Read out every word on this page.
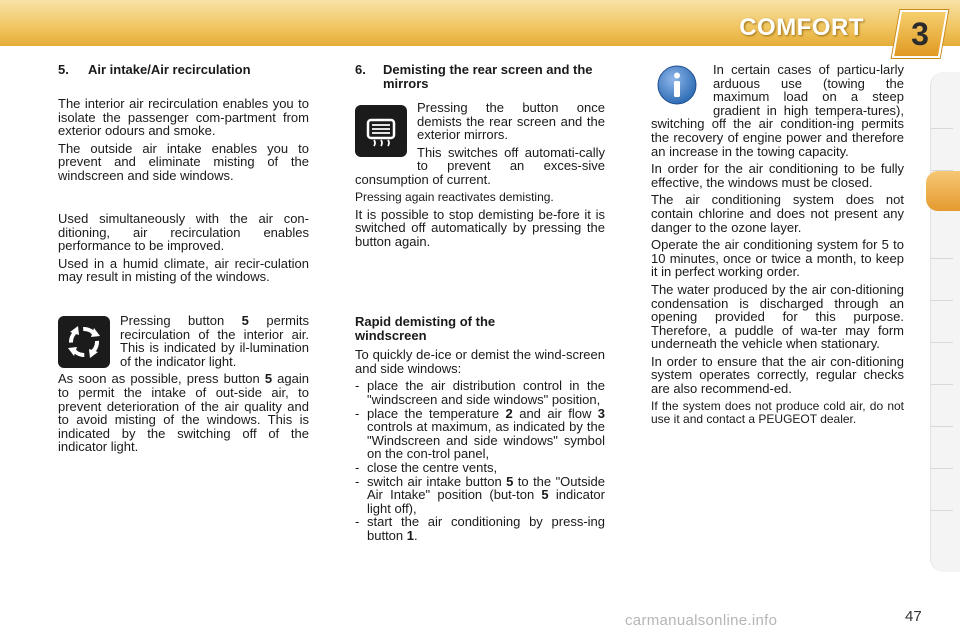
COMFORT	3
5. Air intake/Air recirculation

The interior air recirculation enables you to isolate the passenger com-partment from exterior odours and smoke.

The outside air intake enables you to prevent and eliminate misting of the windscreen and side windows.

Used simultaneously with the air con-ditioning, air recirculation enables performance to be improved.

Used in a humid climate, air recir-culation may result in misting of the windows.

Pressing button 5 permits recirculation of the interior air. This is indicated by il-lumination of the indicator light.

As soon as possible, press button 5 again to permit the intake of out-side air, to prevent deterioration of the air quality and to avoid misting of the windows. This is indicated by the switching off of the indicator light.

6.	Demisting the rear screen and the mirrors

Pressing the button once demists the rear screen and the exterior mirrors.

This switches off automati-cally to prevent an exces-sive consumption of current.

Pressing again reactivates demisting.

It is possible to stop demisting be-fore it is switched off automatically by pressing the button again.

Rapid demisting of the windscreen

To quickly de-ice or demist the wind-screen and side windows:

- place the air distribution control in the "windscreen and side windows" position,
- place the temperature 2 and air flow 3 controls at maximum, as indicated by the "Windscreen and side windows" symbol on the con-trol panel,
- close the centre vents,
- switch air intake button 5 to the "Outside Air Intake" position (but-ton 5 indicator light off),
- start the air conditioning by press-ing button 1.

In certain cases of particu-larly arduous use (towing the maximum load on a steep gradient in high tempera-tures), switching off the air condition-ing permits the recovery of engine power and therefore an increase in the towing capacity.

In order for the air conditioning to be fully effective, the windows must be closed.

The air conditioning system does not contain chlorine and does not present any danger to the ozone layer.

Operate the air conditioning system for 5 to 10 minutes, once or twice a month, to keep it in perfect working order.

The water produced by the air con-ditioning condensation is discharged through an opening provided for this purpose. Therefore, a puddle of wa-ter may form underneath the vehicle when stationary.

In order to ensure that the air con-ditioning system operates correctly, regular checks are also recommend-ed.

If the system does not produce cold air, do not use it and contact a PEUGEOT dealer.

carmanualsonline.info	47
